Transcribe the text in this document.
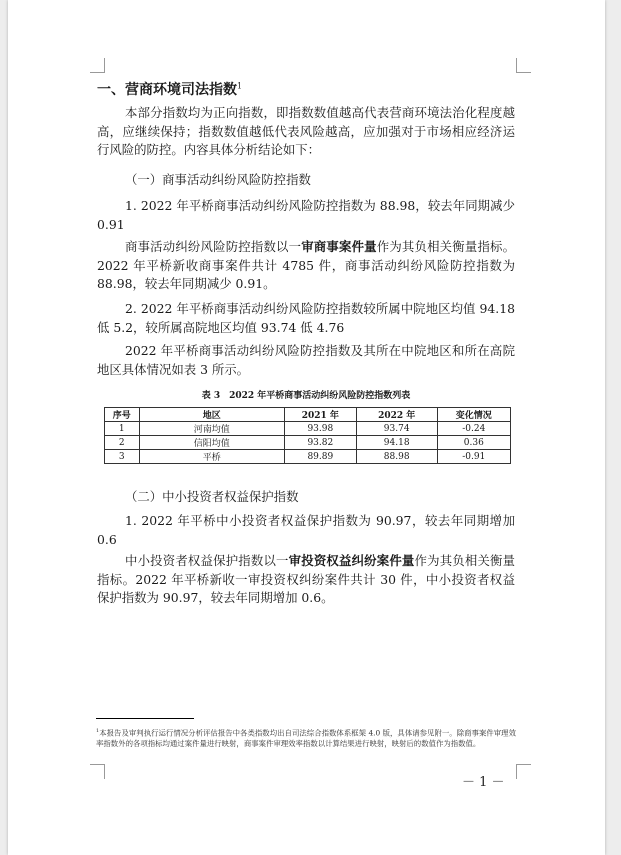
一、营商环境司法指数$^1$

本部分指数均为正向指数，即指数数值越高代表营商环境法治化程度越高，应继续保持；指数数值越低代表风险越高，应加强对于市场相应经济运行风险的防控。内容具体分析结论如下：

（一）商事活动纠纷风险防控指数

1. 2022 年平桥商事活动纠纷风险防控指数为 88.98，较去年同期减少 0.91

商事活动纠纷风险防控指数以一审商事案件量作为其负相关衡量指标。2022 年平桥新收商事案件共计 4785 件，商事活动纠纷风险防控指数为 88.98，较去年同期减少 0.91。

2. 2022 年平桥商事活动纠纷风险防控指数较所属中院地区均值 94.18 低 5.2，较所属高院地区均值 93.74 低 4.76

2022 年平桥商事活动纠纷风险防控指数及其所在中院地区和所在高院地区具体情况如表 3 所示。

表 3　2022 年平桥商事活动纠纷风险防控指数列表
序号	地区	2021 年	2022 年	变化情况
1	河南均值	93.98	93.74	-0.24
2	信阳均值	93.82	94.18	0.36
3	平桥	89.89	88.98	-0.91

（二）中小投资者权益保护指数

1. 2022 年平桥中小投资者权益保护指数为 90.97，较去年同期增加 0.6

中小投资者权益保护指数以一审投资权益纠纷案件量作为其负相关衡量指标。2022 年平桥新收一审投资权纠纷案件共计 30 件，中小投资者权益保护指数为 90.97，较去年同期增加 0.6。

$^1$本报告及审判执行运行情况分析评估报告中各类指数均出自司法综合指数体系框架 4.0 版，具体请参见附一。除商事案件审理效率指数外的各项指标均通过案件量进行映射，商事案件审理效率指数以计算结果进行映射，映射后的数值作为指数值。
－ 1 －
